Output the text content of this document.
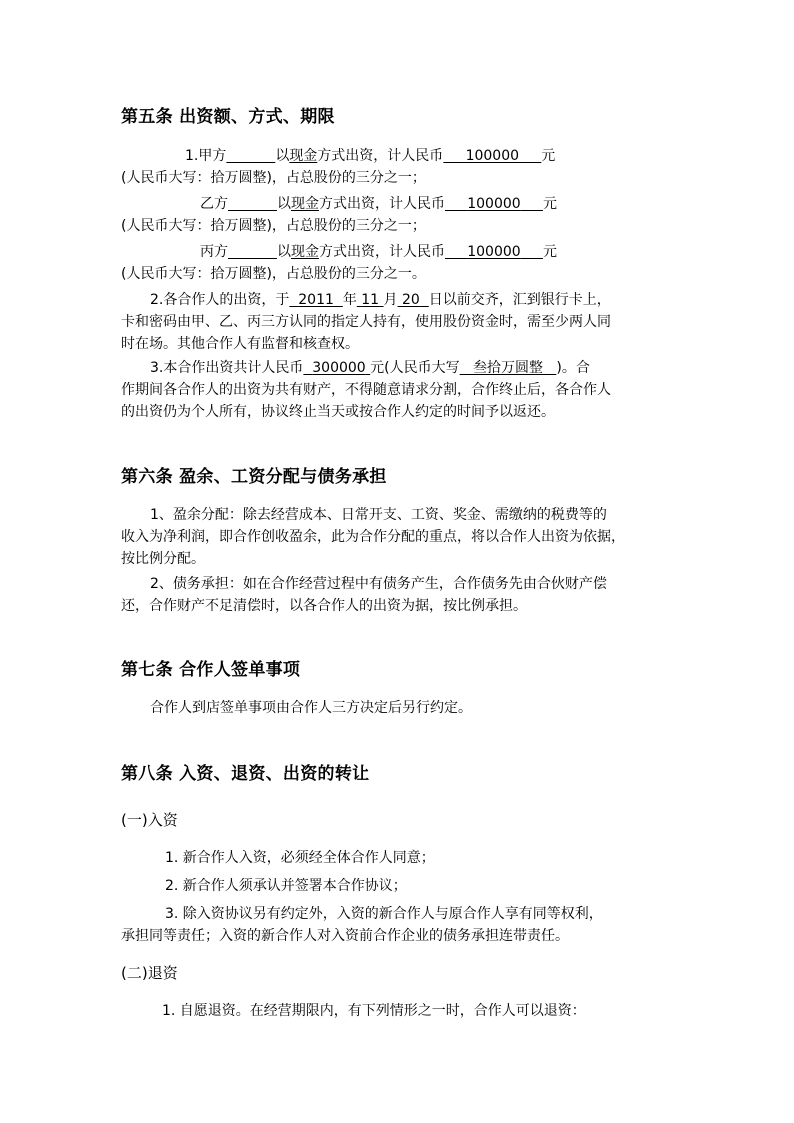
第五条 出资额、方式、期限
1.甲方	以现金方式出资，计人民币 100000 元
(人民币大写：拾万圆整)，占总股份的三分之一；
乙方	以现金方式出资，计人民币 100000 元
(人民币大写：拾万圆整)，占总股份的三分之一；
丙方	以现金方式出资，计人民币 100000 元
(人民币大写：拾万圆整)，占总股份的三分之一。
2.各合作人的出资，于 2011 年 11 月 20 日以前交齐，汇到银行卡上，
卡和密码由甲、乙、丙三方认同的指定人持有，使用股份资金时，需至少两人同
时在场。其他合作人有监督和核查权。
3.本合作出资共计人民币 300000 元(人民币大写 叁拾万圆整 )。合
作期间各合作人的出资为共有财产，不得随意请求分割，合作终止后，各合作人
的出资仍为个人所有，协议终止当天或按合作人约定的时间予以返还。
第六条 盈余、工资分配与债务承担
1、盈余分配：除去经营成本、日常开支、工资、奖金、需缴纳的税费等的
收入为净利润，即合作创收盈余，此为合作分配的重点，将以合作人出资为依据，
按比例分配。
2、债务承担：如在合作经营过程中有债务产生，合作债务先由合伙财产偿
还，合作财产不足清偿时，以各合作人的出资为据，按比例承担。
第七条 合作人签单事项
合作人到店签单事项由合作人三方决定后另行约定。
第八条 入资、退资、出资的转让
(一)入资
1. 新合作人入资，必须经全体合作人同意；
2. 新合作人须承认并签署本合作协议；
3. 除入资协议另有约定外，入资的新合作人与原合作人享有同等权利，
承担同等责任；入资的新合作人对入资前合作企业的债务承担连带责任。
(二)退资
1. 自愿退资。在经营期限内，有下列情形之一时，合作人可以退资：
